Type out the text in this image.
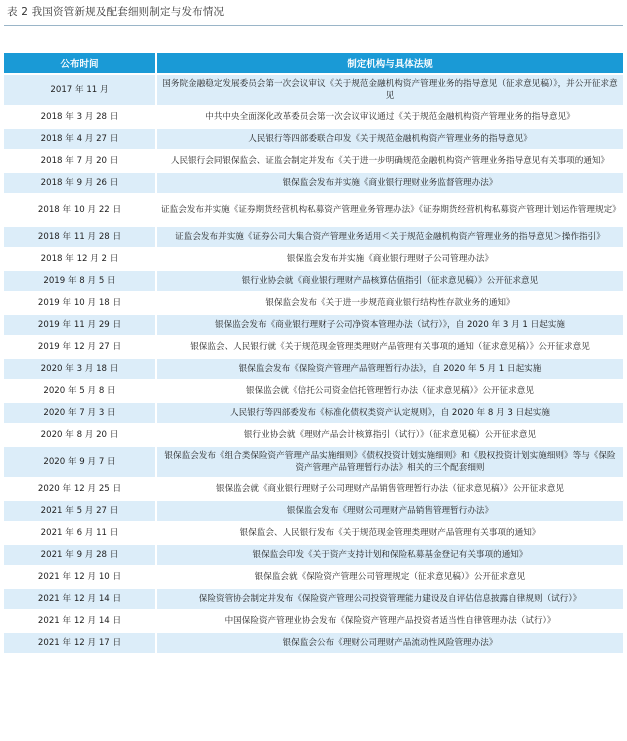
表 2 我国资管新规及配套细则制定与发布情况
公布时间	制定机构与具体法规
2017 年 11 月	国务院金融稳定发展委员会第一次会议审议《关于规范金融机构资产管理业务的指导意见（征求意见稿）》，并公开征求意见
2018 年 3 月 28 日	中共中央全面深化改革委员会第一次会议审议通过《关于规范金融机构资产管理业务的指导意见》
2018 年 4 月 27 日	人民银行等四部委联合印发《关于规范金融机构资产管理业务的指导意见》
2018 年 7 月 20 日	人民银行会同银保监会、证监会制定并发布《关于进一步明确规范金融机构资产管理业务指导意见有关事项的通知》
2018 年 9 月 26 日	银保监会发布并实施《商业银行理财业务监督管理办法》
2018 年 10 月 22 日	证监会发布并实施《证券期货经营机构私募资产管理业务管理办法》《证券期货经营机构私募资产管理计划运作管理规定》
2018 年 11 月 28 日	证监会发布并实施《证券公司大集合资产管理业务适用＜关于规范金融机构资产管理业务的指导意见＞操作指引》
2018 年 12 月 2 日	银保监会发布并实施《商业银行理财子公司管理办法》
2019 年 8 月 5 日	银行业协会就《商业银行理财产品核算估值指引（征求意见稿）》公开征求意见
2019 年 10 月 18 日	银保监会发布《关于进一步规范商业银行结构性存款业务的通知》
2019 年 11 月 29 日	银保监会发布《商业银行理财子公司净资本管理办法（试行）》，自 2020 年 3 月 1 日起实施
2019 年 12 月 27 日	银保监会、人民银行就《关于规范现金管理类理财产品管理有关事项的通知（征求意见稿）》公开征求意见
2020 年 3 月 18 日	银保监会发布《保险资产管理产品管理暂行办法》，自 2020 年 5 月 1 日起实施
2020 年 5 月 8 日	银保监会就《信托公司资金信托管理暂行办法（征求意见稿）》公开征求意见
2020 年 7 月 3 日	人民银行等四部委发布《标准化债权类资产认定规则》，自 2020 年 8 月 3 日起实施
2020 年 8 月 20 日	银行业协会就《理财产品会计核算指引（试行）》（征求意见稿）公开征求意见
2020 年 9 月 7 日	银保监会发布《组合类保险资产管理产品实施细则》《债权投资计划实施细则》和《股权投资计划实施细则》等与《保险资产管理产品管理暂行办法》相关的三个配套细则
2020 年 12 月 25 日	银保监会就《商业银行理财子公司理财产品销售管理暂行办法（征求意见稿）》公开征求意见
2021 年 5 月 27 日	银保监会发布《理财公司理财产品销售管理暂行办法》
2021 年 6 月 11 日	银保监会、人民银行发布《关于规范现金管理类理财产品管理有关事项的通知》
2021 年 9 月 28 日	银保监会印发《关于资产支持计划和保险私募基金登记有关事项的通知》
2021 年 12 月 10 日	银保监会就《保险资产管理公司管理规定（征求意见稿）》公开征求意见
2021 年 12 月 14 日	保险资管协会制定并发布《保险资产管理公司投资管理能力建设及自评估信息披露自律规则（试行）》
2021 年 12 月 14 日	中国保险资产管理业协会发布《保险资产管理产品投资者适当性自律管理办法（试行）》
2021 年 12 月 17 日	银保监会公布《理财公司理财产品流动性风险管理办法》
